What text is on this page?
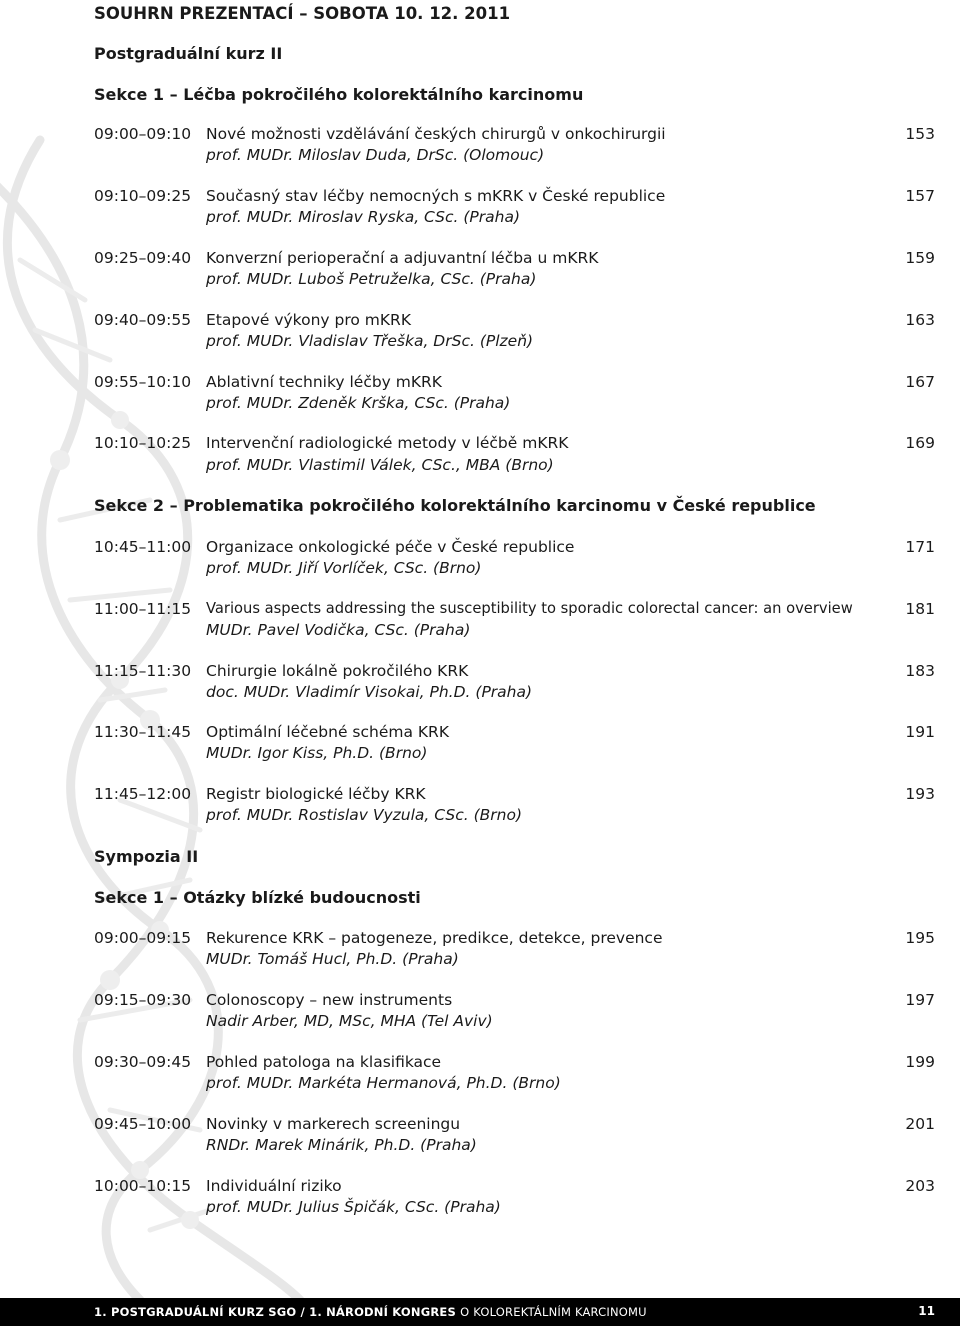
SOUHRN PREZENTACÍ – SOBOTA 10. 12. 2011
Postgraduální kurz II
Sekce 1 – Léčba pokročilého kolorektálního karcinomu
09:00–09:10 Nové možnosti vzdělávání českých chirurgů v onkochirurgii	153
prof. MUDr. Miloslav Duda, DrSc. (Olomouc)
09:10–09:25 Současný stav léčby nemocných s mKRK v České republice	157
prof. MUDr. Miroslav Ryska, CSc. (Praha)
09:25–09:40 Konverzní perioperační a adjuvantní léčba u mKRK	159
prof. MUDr. Luboš Petruželka, CSc. (Praha)
09:40–09:55 Etapové výkony pro mKRK	163
prof. MUDr. Vladislav Třeška, DrSc. (Plzeň)
09:55–10:10 Ablativní techniky léčby mKRK	167
prof. MUDr. Zdeněk Krška, CSc. (Praha)
10:10–10:25 Intervenční radiologické metody v léčbě mKRK	169
prof. MUDr. Vlastimil Válek, CSc., MBA (Brno)
Sekce 2 – Problematika pokročilého kolorektálního karcinomu v České republice
10:45–11:00 Organizace onkologické péče v České republice	171
prof. MUDr. Jiří Vorlíček, CSc. (Brno)
11:00–11:15 Various aspects addressing the susceptibility to sporadic colorectal cancer: an overview	181
MUDr. Pavel Vodička, CSc. (Praha)
11:15–11:30 Chirurgie lokálně pokročilého KRK	183
doc. MUDr. Vladimír Visokai, Ph.D. (Praha)
11:30–11:45 Optimální léčebné schéma KRK	191
MUDr. Igor Kiss, Ph.D. (Brno)
11:45–12:00 Registr biologické léčby KRK	193
prof. MUDr. Rostislav Vyzula, CSc. (Brno)
Sympozia II
Sekce 1 – Otázky blízké budoucnosti
09:00–09:15 Rekurence KRK – patogeneze, predikce, detekce, prevence	195
MUDr. Tomáš Hucl, Ph.D. (Praha)
09:15–09:30 Colonoscopy – new instruments	197
Nadir Arber, MD, MSc, MHA (Tel Aviv)
09:30–09:45 Pohled patologa na klasifikace	199
prof. MUDr. Markéta Hermanová, Ph.D. (Brno)
09:45–10:00 Novinky v markerech screeningu	201
RNDr. Marek Minárik, Ph.D. (Praha)
10:00–10:15 Individuální riziko	203
prof. MUDr. Julius Špičák, CSc. (Praha)
1. POSTGRADUÁLNÍ KURZ SGO / 1. NÁRODNÍ KONGRES O KOLOREKTÁLNÍM KARCINOMU	11
